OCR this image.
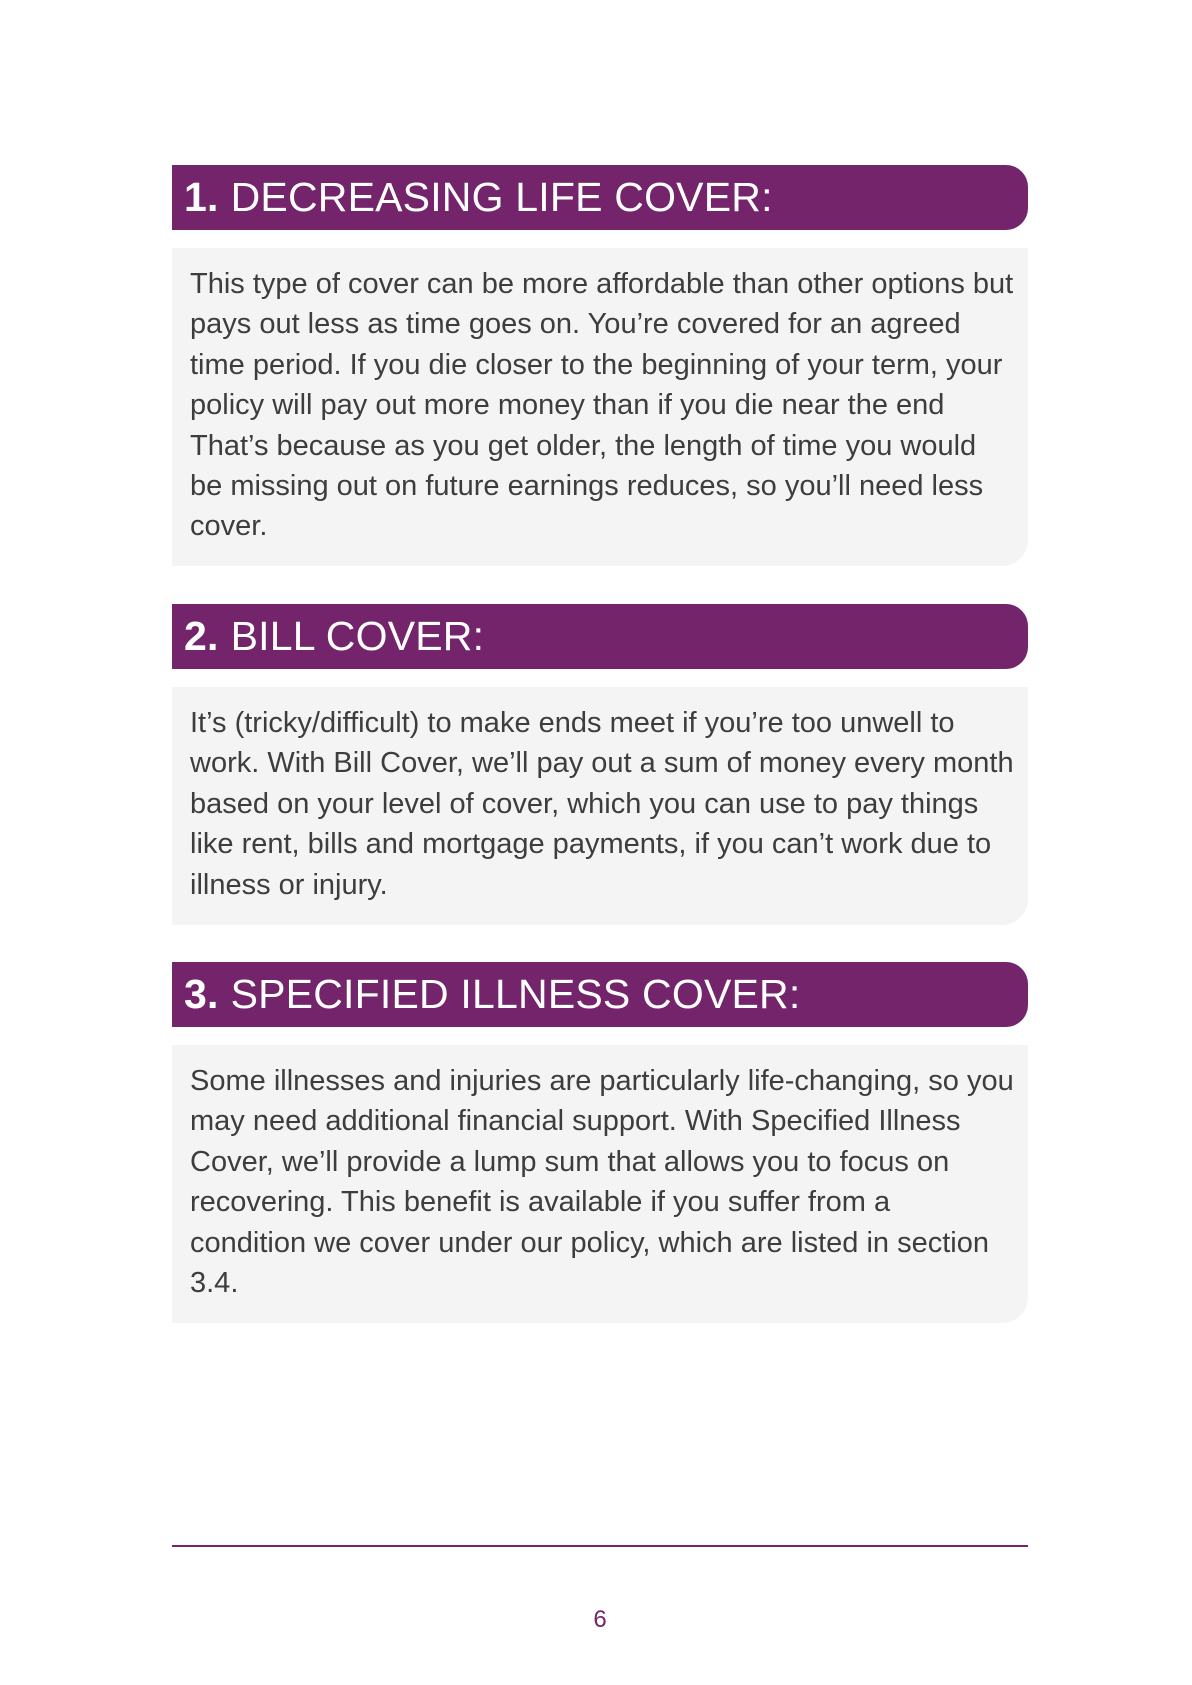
1. DECREASING LIFE COVER:
This type of cover can be more affordable than other options but pays out less as time goes on. You’re covered for an agreed time period. If you die closer to the beginning of your term, your policy will pay out more money than if you die near the end That’s because as you get older, the length of time you would be missing out on future earnings reduces, so you’ll need less cover.
2. BILL COVER:
It’s (tricky/difficult) to make ends meet if you’re too unwell to work. With Bill Cover, we’ll pay out a sum of money every month based on your level of cover, which you can use to pay things like rent, bills and mortgage payments, if you can’t work due to illness or injury.
3. SPECIFIED ILLNESS COVER:
Some illnesses and injuries are particularly life-changing, so you may need additional financial support. With Specified Illness Cover, we’ll provide a lump sum that allows you to focus on recovering. This benefit is available if you suffer from a condition we cover under our policy, which are listed in section 3.4.
6
